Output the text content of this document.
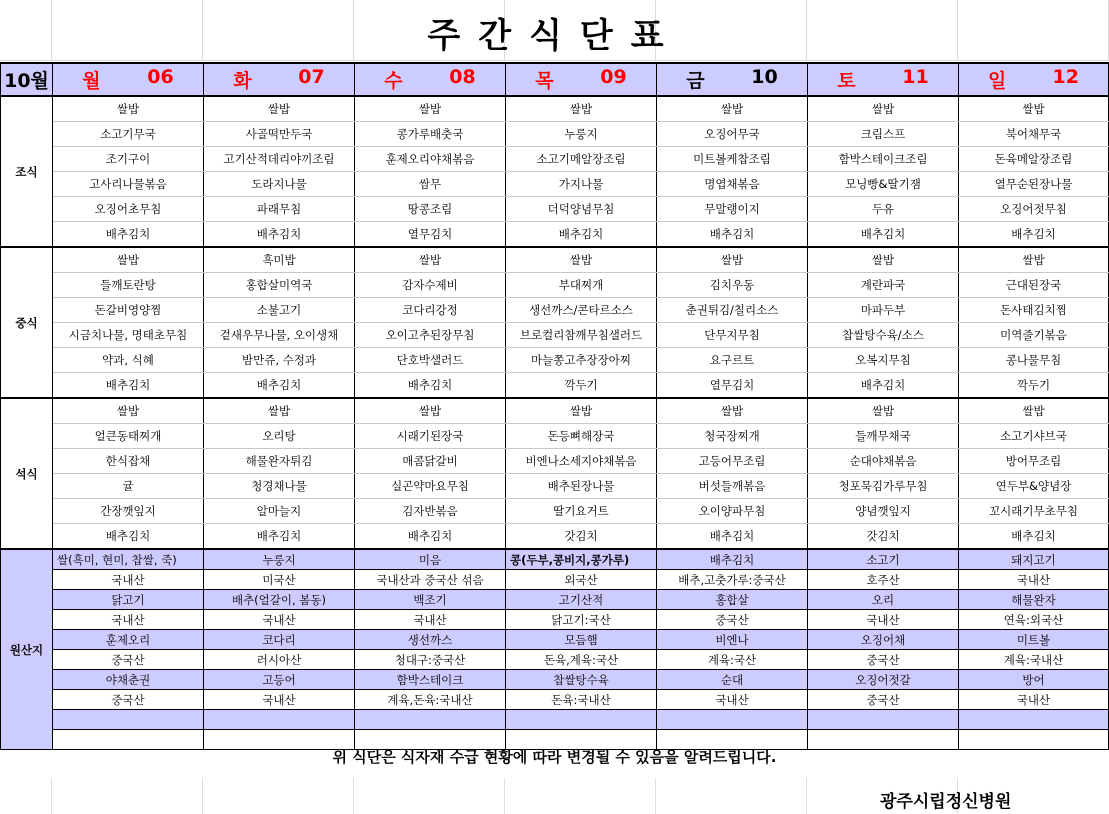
주간식단표
10월	월 06	화 07	수 08	목 09	금 10	토 11	일 12

조식	쌀밥	쌀밥	쌀밥	쌀밥	쌀밥	쌀밥	쌀밥
	소고기무국	사골떡만두국	콩가루배춧국	누룽지	오징어무국	크림스프	북어채무국
	조기구이	고기산적데리야끼조림	훈제오리야채볶음	소고기메알장조림	미트볼케찹조림	함박스테이크조림	돈육메알장조림
	고사리나물볶음	도라지나물	쌈무	가지나물	명엽채볶음	모닝빵&딸기잼	열무순된장나물
	오징어초무침	파래무침	땅콩조림	더덕양념무침	무말랭이지	두유	오징어젓무침
	배추김치	배추김치	열무김치	배추김치	배추김치	배추김치	배추김치
중식	쌀밥	흑미밥	쌀밥	쌀밥	쌀밥	쌀밥	쌀밥
	들깨토란탕	홍합살미역국	감자수제비	부대찌개	김치우동	계란파국	근대된장국
	돈갈비영양찜	소불고기	코다리강정	생선까스/콘타르소스	춘권튀김/칠리소스	마파두부	돈사태김치찜
	시금치나물, 명태초무침	겉새우무나물, 오이생채	오이고추된장무침	브로컬리참깨무침샐러드	단무지무침	찹쌀탕수육/소스	미역줄기볶음
	약과, 식혜	밤만쥬, 수정과	단호박샐러드	마늘쫑고추장장아찌	요구르트	오복지무침	콩나물무침
	배추김치	배추김치	배추김치	깍두기	열무김치	배추김치	깍두기
석식	쌀밥	쌀밥	쌀밥	쌀밥	쌀밥	쌀밥	쌀밥
	얼큰동태찌개	오리탕	시래기된장국	돈등뼈해장국	청국장찌개	들깨무채국	소고기샤브국
	한식잡채	해물완자튀김	매콤닭갈비	비엔나소세지야채볶음	고등어무조림	순대야채볶음	방어무조림
	귤	청경채나물	실곤약마요무침	배추된장나물	버섯들깨볶음	청포묵김가루무침	연두부&양념장
	간장깻잎지	알마늘지	김자반볶음	딸기요거트	오이양파무침	양념깻잎지	꼬시래기무초무침
	배추김치	배추김치	배추김치	갓김치	배추김치	갓김치	배추김치
원산지	쌀(흑미, 현미, 찹쌀, 죽)	누룽지	미음	콩(두부,콩비지,콩가루)	배추김치	소고기	돼지고기
	국내산	미국산	국내산과 중국산 섞음	외국산	배추,고춧가루:중국산	호주산	국내산
	닭고기	배추(얼갈이, 봄동)	백조기	고기산적	홍합살	오리	해물완자
	국내산	국내산	국내산	닭고기:국산	중국산	국내산	연육:외국산
	훈제오리	코다리	생선까스	모듬햄	비엔나	오징어채	미트볼
	중국산	러시아산	청대구:중국산	돈육,계육:국산	계육:국산	중국산	계육:국내산
	야채춘권	고등어	함박스테이크	찹쌀탕수육	순대	오징어젓갈	방어
	중국산	국내산	계육,돈육:국내산	돈육:국내산	국내산	중국산	국내산

위 식단은 식자재 수급 현황에 따라 변경될 수 있음을 알려드립니다.
광주시립정신병원
